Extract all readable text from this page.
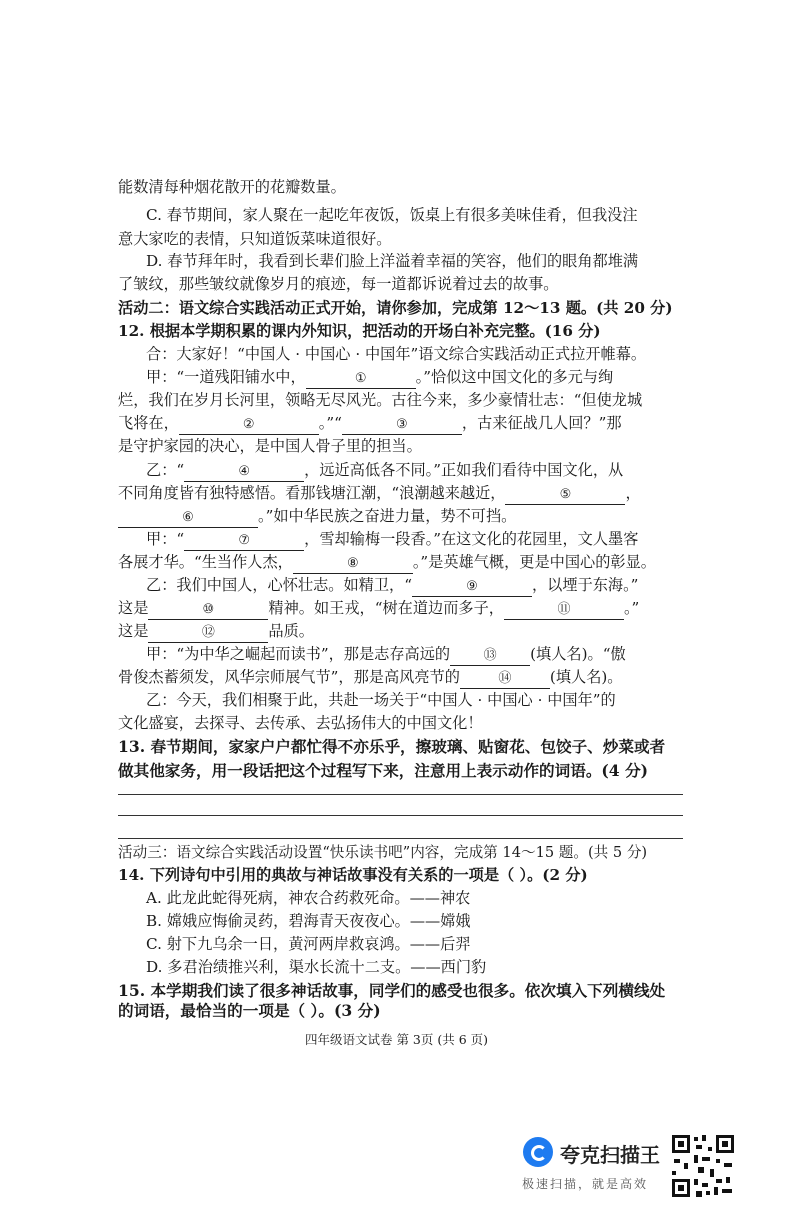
能数清每种烟花散开的花瓣数量。
C. 春节期间，家人聚在一起吃年夜饭，饭桌上有很多美味佳肴，但我没注
意大家吃的表情，只知道饭菜味道很好。
D. 春节拜年时，我看到长辈们脸上洋溢着幸福的笑容，他们的眼角都堆满
了皱纹，那些皱纹就像岁月的痕迹，每一道都诉说着过去的故事。
活动二：语文综合实践活动正式开始，请你参加，完成第 12～13 题。(共 20 分)
12. 根据本学期积累的课内外知识，把活动的开场白补充完整。(16 分)
合：大家好！“中国人 · 中国心 · 中国年”语文综合实践活动正式拉开帷幕。
甲：“一道残阳铺水中，	①	。”恰似这中国文化的多元与绚
烂，我们在岁月长河里，领略无尽风光。古往今来，多少豪情壮志：“但使龙城
飞将在，	②	。”“	③	，古来征战几人回？”那
是守护家园的决心，是中国人骨子里的担当。
乙：“	④	，远近高低各不同。”正如我们看待中国文化，从
不同角度皆有独特感悟。看那钱塘江潮，“浪潮越来越近，	⑤	，
⑥	。”如中华民族之奋进力量，势不可挡。
甲：“	⑦	，雪却输梅一段香。”在这文化的花园里，文人墨客
各展才华。“生当作人杰，	⑧	。”是英雄气概，更是中国心的彰显。
乙：我们中国人，心怀壮志。如精卫，“	⑨	，以堙于东海。”
这是	⑩	精神。如王戎，“树在道边而多子，	⑪	。”
这是	⑫	品质。
甲：“为中华之崛起而读书”，那是志存高远的	⑬ (填人名)。“傲
骨俊杰蓄须发，风华宗师展气节”，那是高风亮节的	⑭	(填人名)。
乙：今天，我们相聚于此，共赴一场关于“中国人 · 中国心 · 中国年”的
文化盛宴，去探寻、去传承、去弘扬伟大的中国文化！
13. 春节期间，家家户户都忙得不亦乐乎，擦玻璃、贴窗花、包饺子、炒菜或者
做其他家务，用一段话把这个过程写下来，注意用上表示动作的词语。(4 分)
活动三：语文综合实践活动设置“快乐读书吧”内容，完成第 14～15 题。(共 5 分)
14. 下列诗句中引用的典故与神话故事没有关系的一项是（ ）。(2 分)
A. 此龙此蛇得死病，神农合药救死命。——神农
B. 嫦娥应悔偷灵药，碧海青天夜夜心。——嫦娥
C. 射下九乌余一日，黄河两岸救哀鸿。——后羿
D. 多君治绩推兴利，渠水长流十二支。——西门豹
15. 本学期我们读了很多神话故事，同学们的感受也很多。依次填入下列横线处
的词语，最恰当的一项是（ ）。(3 分)
四年级语文试卷 第 3页 (共 6 页)
夸克扫描王
极速扫描，就是高效
